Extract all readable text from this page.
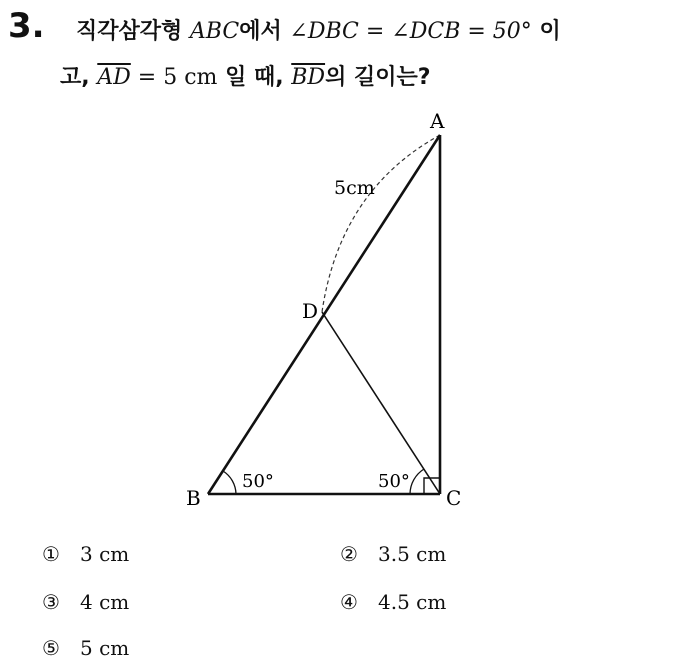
3. 직각삼각형 ABC에서 ∠DBC = ∠DCB = 50° 이
고, $\overline{AD} = 5$ cm 일 때, $\overline{BD}$의 길이는?
A
B	C
D
5cm
50°	50°
① 3 cm	② 3.5 cm
③ 4 cm	④ 4.5 cm
⑤ 5 cm
